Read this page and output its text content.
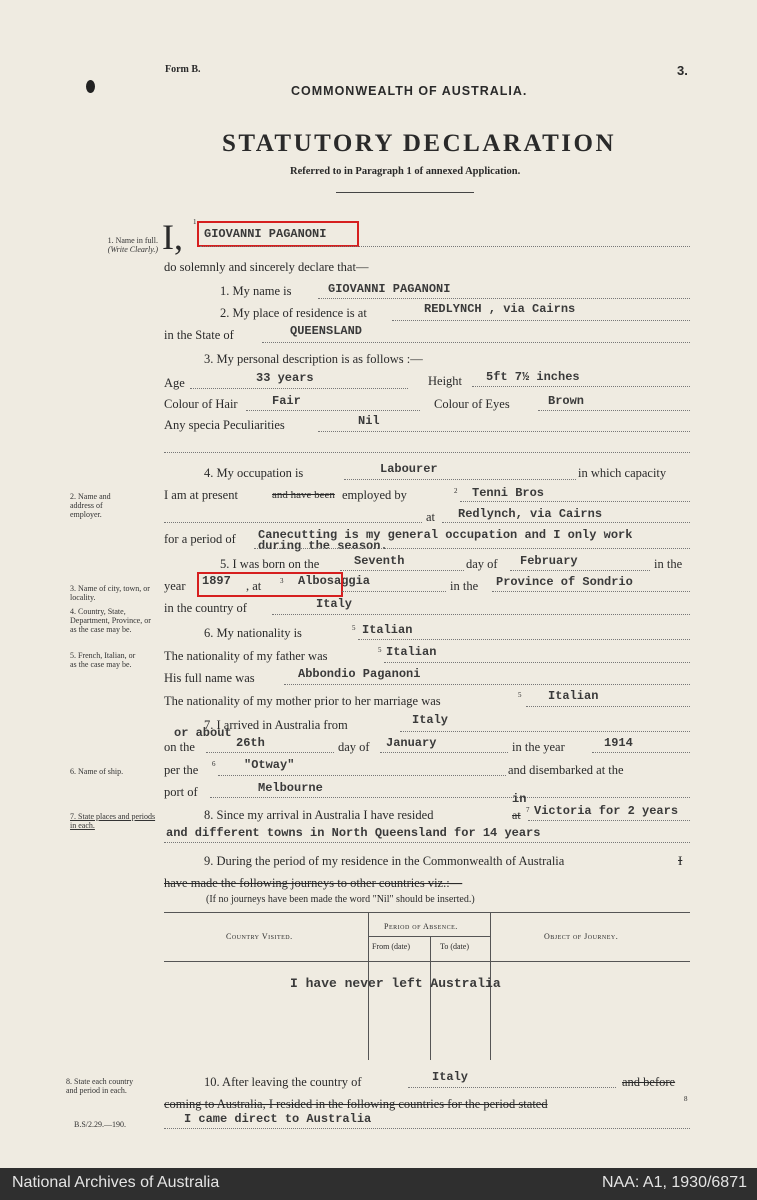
Form B.	3.
COMMONWEALTH OF AUSTRALIA.
STATUTORY DECLARATION
Referred to in Paragraph 1 of annexed Application.
1. Name in full.
(Write Clearly.)
2. Name and address of employer.
3. Name of city, town, or locality.
4. Country, State, Department, Province, or as the case may be.
5. French, Italian, or as the case may be.
6. Name of ship.
7. State places and periods in each.
8. State each country and period in each.
B.S/2.29.—190.
I, 1
GIOVANNI PAGANONI
do solemnly and sincerely declare that—
1. My name is	GIOVANNI PAGANONI
2. My place of residence is at	REDLYNCH , via Cairns
in the State of	QUEENSLAND
3. My personal description is as follows :—
Age	33 years	Height 5ft 7½ inches
Colour of Hair	Fair	Colour of Eyes	Brown
Any specia Peculiarities	Nil
4. My occupation is	Labourer	in which capacity
I am at present	and have been employed by	2 Tenni Bros
at Redlynch, via Cairns
for a period of Canecutting is my general occupation and I only work
during the season.
5. I was born on the	Seventh	day of February	in the
year 1897 , at	3 Albosaggia	in the Province of Sondrio
in the country of	Italy
6. My nationality is	5 Italian
The nationality of my father was	5 Italian
His full name was	Abbondio Paganoni
The nationality of my mother prior to her marriage was	5 Italian
7. I arrived in Australia from	Italy
or about
on the	26th	day of January	in the year	1914
per the 6 "Otway"	and disembarked at the
port of	Melbourne
8. Since my arrival in Australia I have resided
in
at 7 Victoria for 2 years
and different towns in North Queensland for 14 years
9. During the period of my residence in the Commonwealth of Australia	I
have made the following journeys to other countries viz.:—
(If no journeys have been made the word "Nil" should be inserted.)
Country Visited.
Period of Absence.
From (date)	To (date)
Object of Journey.
I have never left Australia
10. After leaving the country of	Italy	and before
coming to Australia, I resided in the following countries for the period stated	8
I came direct to Australia
National Archives of Australia	NAA: A1, 1930/6871
